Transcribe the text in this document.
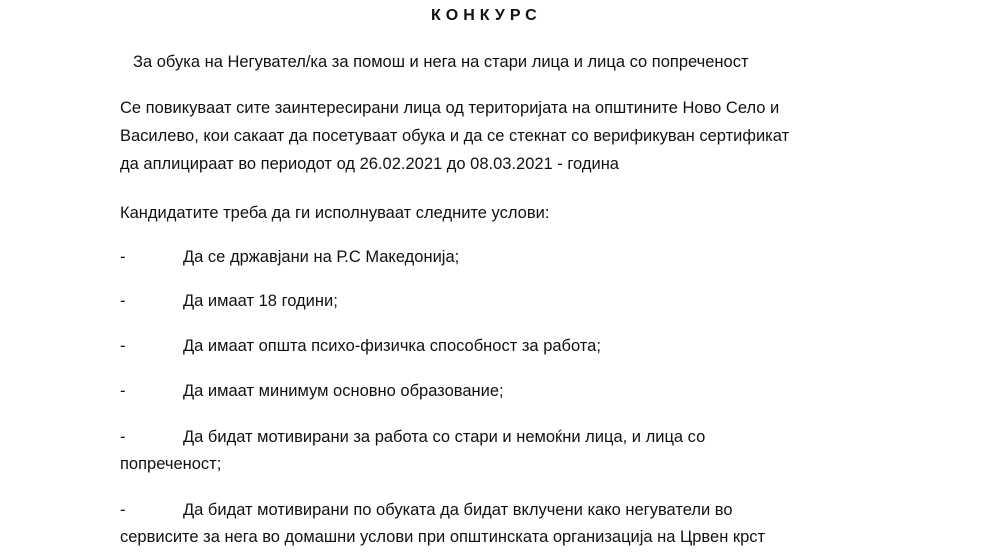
КОНКУРС
За обука на Негувател/ка за помош и нега на стари лица и лица со попреченост
Се повикуваат сите заинтересирани лица од територијата на општините Ново Село и
Василево, кои сакаат да посетуваат обука и да се стекнат со верификуван сертификат
да аплицираат во периодот од 26.02.2021 до 08.03.2021 - година
Кандидатите треба да ги исполнуваат следните услови:
-	Да се државјани на Р.С Македонија;
-	Да имаат 18 години;
-	Да имаат општа психо-физичка способност за работа;
-	Да имаат минимум основно образование;
-	Да бидат мотивирани за работа со стари и немоќни лица, и лица со
попреченост;
-	Да бидат мотивирани по обуката да бидат вклучени како негуватели во
сервисите за нега во домашни услови при општинската организација на Црвен крст
